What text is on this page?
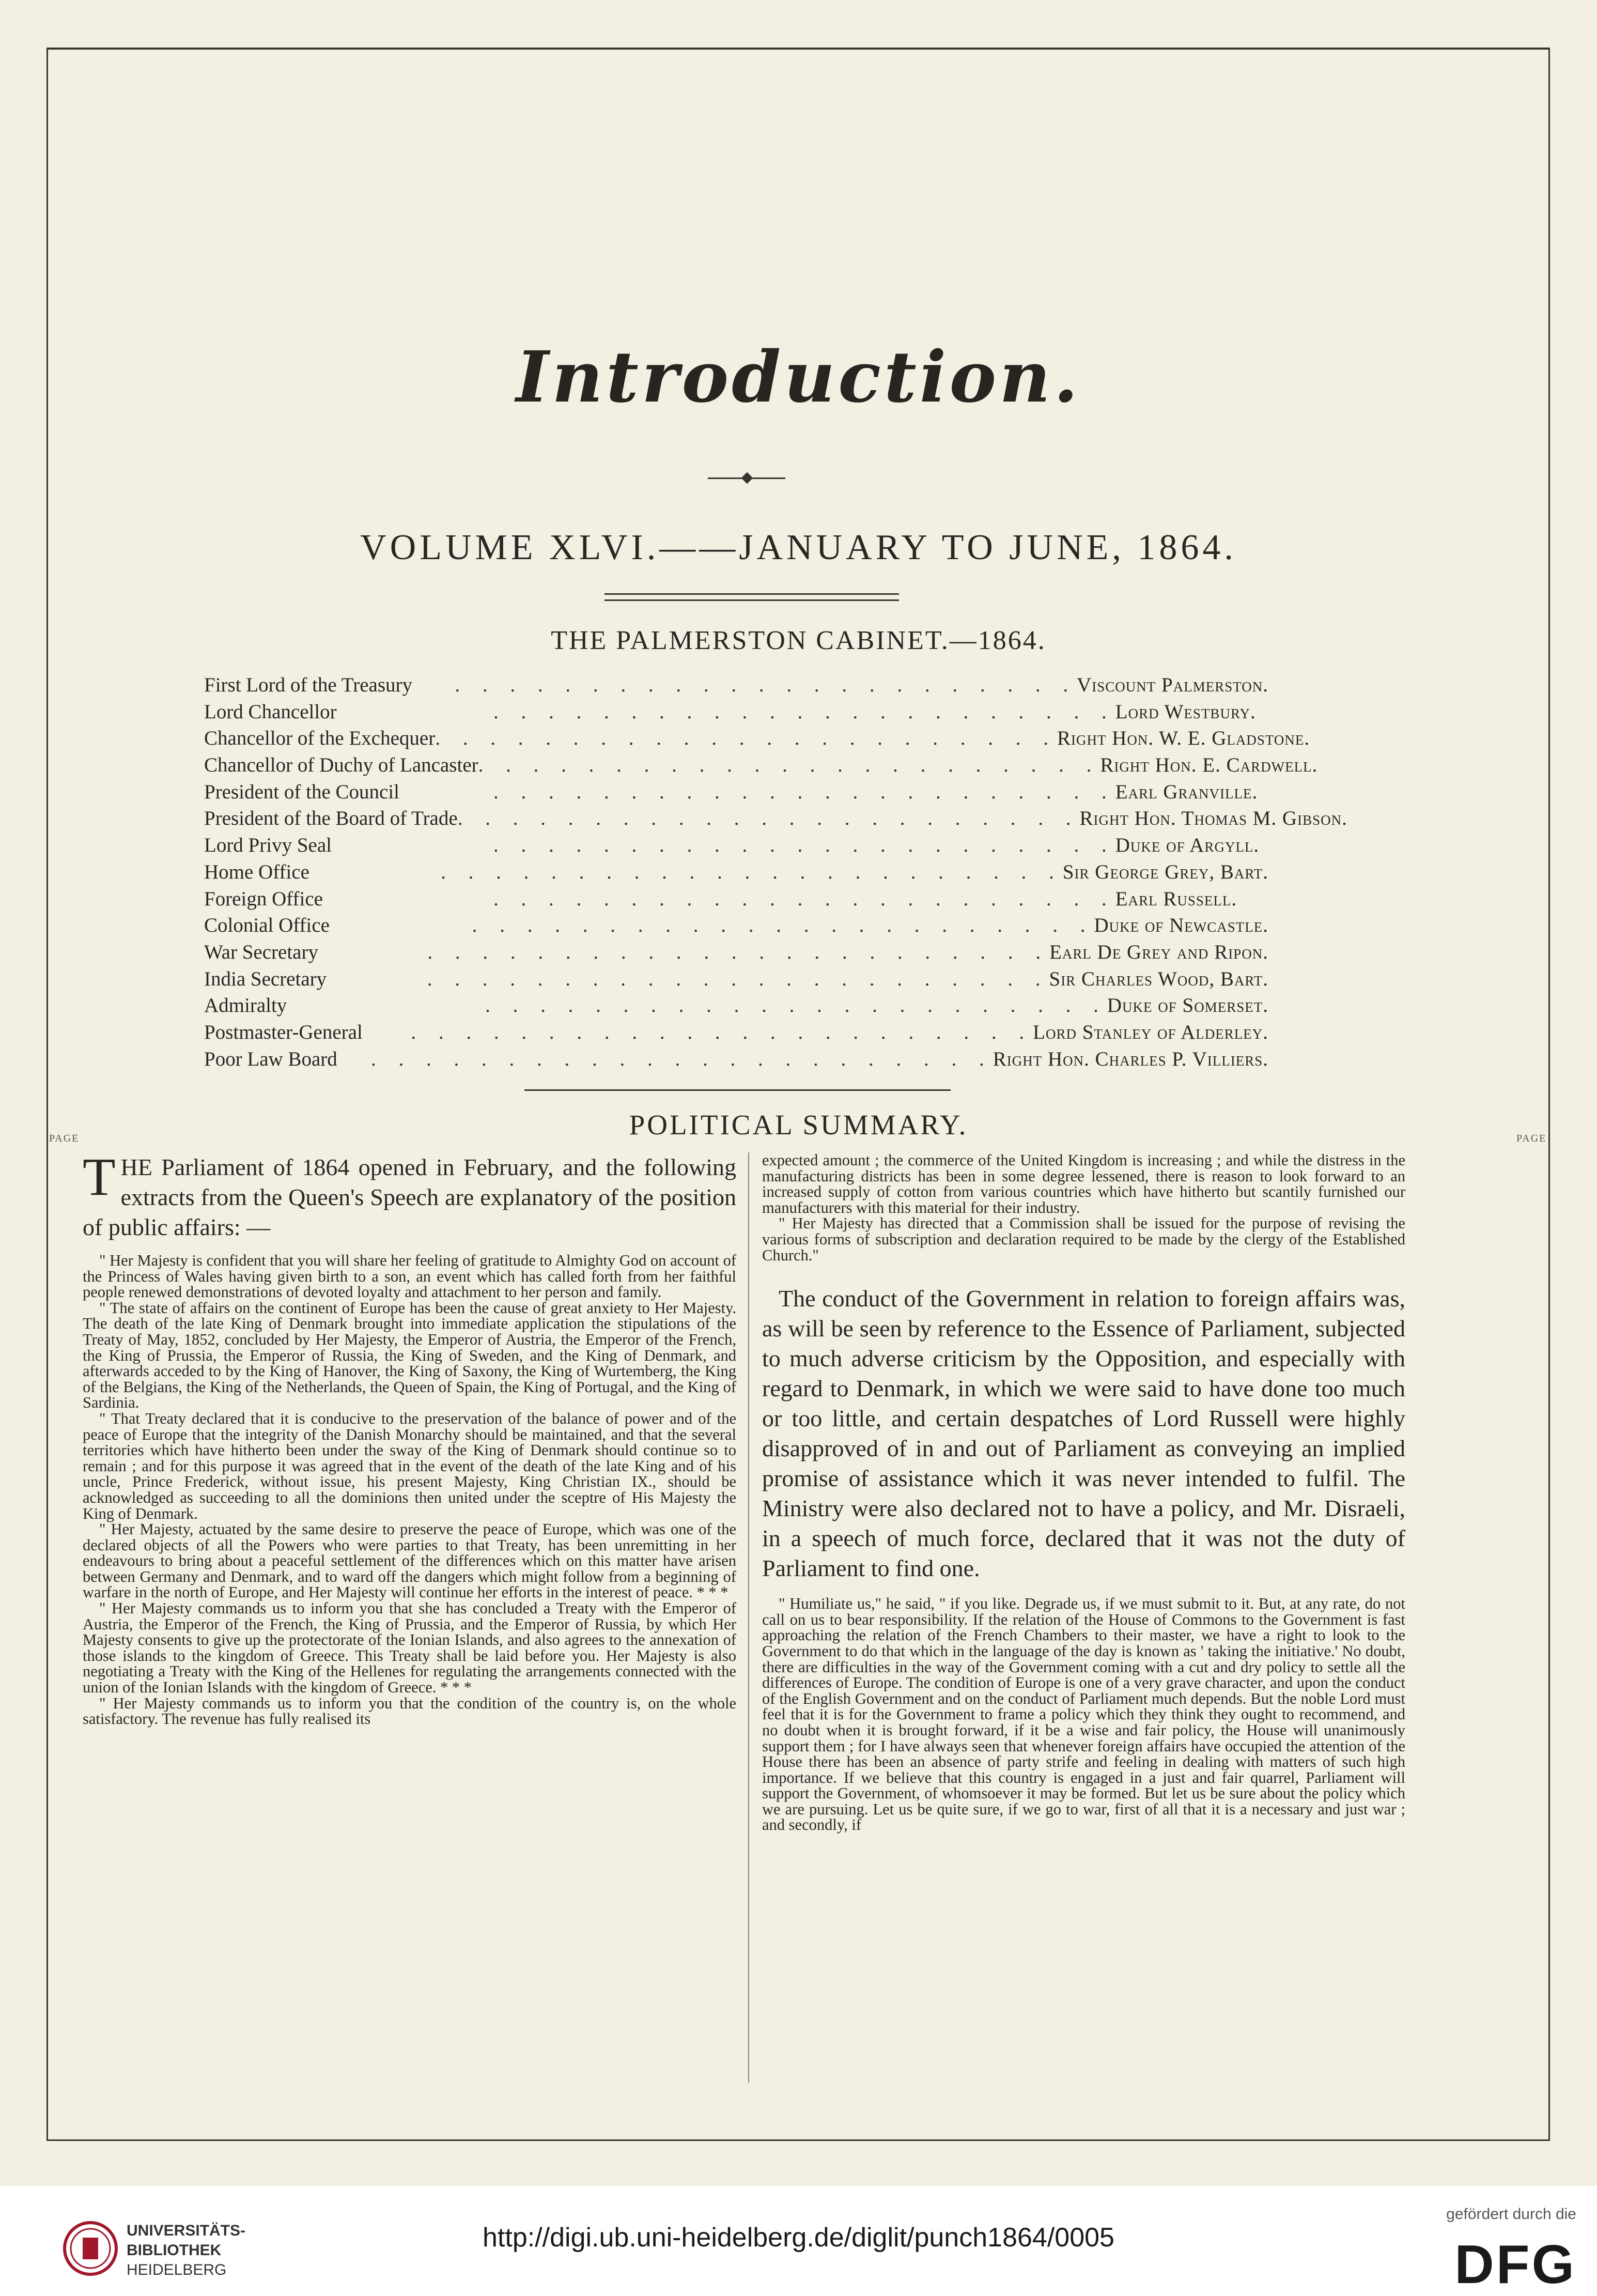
Introduction.
VOLUME XLVI.——JANUARY TO JUNE, 1864.
THE PALMERSTON CABINET.—1864.
First Lord of the Treasury	. . . . . . . . . . . . . . . . . . . . . . . Viscount Palmerston.
Lord Chancellor	. . . . . . . . . . . . . . . . . . . . . . . Lord Westbury.
Chancellor of the Exchequer . . . . . . . . . . . . . . . . . . . . . . . Right Hon. W. E. Gladstone.
Chancellor of Duchy of Lancaster . . . . . . . . . . . . . . . . . . . . . . . Right Hon. E. Cardwell.
President of the Council	. . . . . . . . . . . . . . . . . . . . . . . Earl Granville.
President of the Board of Trade . . . . . . . . . . . . . . . . . . . . . . . Right Hon. Thomas M. Gibson.
Lord Privy Seal	. . . . . . . . . . . . . . . . . . . . . . . Duke of Argyll.
Home Office	. . . . . . . . . . . . . . . . . . . . . . . Sir George Grey, Bart.
Foreign Office	. . . . . . . . . . . . . . . . . . . . . . . Earl Russell.
Colonial Office	. . . . . . . . . . . . . . . . . . . . . . . Duke of Newcastle.
War Secretary	. . . . . . . . . . . . . . . . . . . . . . . Earl De Grey and Ripon.
India Secretary	. . . . . . . . . . . . . . . . . . . . . . . Sir Charles Wood, Bart.
Admiralty	. . . . . . . . . . . . . . . . . . . . . . . Duke of Somerset.
Postmaster-General	. . . . . . . . . . . . . . . . . . . . . . . Lord Stanley of Alderley.
Poor Law Board	. . . . . . . . . . . . . . . . . . . . . . . Right Hon. Charles P. Villiers.
POLITICAL SUMMARY.
PAGE	PAGE

THE Parliament of 1864 opened in February, and the following extracts from the Queen's Speech are explanatory of the position of public affairs: —

" Her Majesty is confident that you will share her feeling of gratitude to Almighty God on account of the Princess of Wales having given birth to a son, an event which has called forth from her faithful people renewed demonstrations of devoted loyalty and attachment to her person and family.

" The state of affairs on the continent of Europe has been the cause of great anxiety to Her Majesty. The death of the late King of Denmark brought into immediate application the stipulations of the Treaty of May, 1852, concluded by Her Majesty, the Emperor of Austria, the Emperor of the French, the King of Prussia, the Emperor of Russia, the King of Sweden, and the King of Denmark, and afterwards acceded to by the King of Hanover, the King of Saxony, the King of Wurtemberg, the King of the Belgians, the King of the Netherlands, the Queen of Spain, the King of Portugal, and the King of Sardinia.

" That Treaty declared that it is conducive to the preservation of the balance of power and of the peace of Europe that the integrity of the Danish Monarchy should be maintained, and that the several territories which have hitherto been under the sway of the King of Denmark should continue so to remain ; and for this purpose it was agreed that in the event of the death of the late King and of his uncle, Prince Frederick, without issue, his present Majesty, King Christian IX., should be acknowledged as succeeding to all the dominions then united under the sceptre of His Majesty the King of Denmark.

" Her Majesty, actuated by the same desire to preserve the peace of Europe, which was one of the declared objects of all the Powers who were parties to that Treaty, has been unremitting in her endeavours to bring about a peaceful settlement of the differences which on this matter have arisen between Germany and Denmark, and to ward off the dangers which might follow from a beginning of warfare in the north of Europe, and Her Majesty will continue her efforts in the interest of peace. * * *

" Her Majesty commands us to inform you that she has concluded a Treaty with the Emperor of Austria, the Emperor of the French, the King of Prussia, and the Emperor of Russia, by which Her Majesty consents to give up the protectorate of the Ionian Islands, and also agrees to the annexation of those islands to the kingdom of Greece. This Treaty shall be laid before you. Her Majesty is also negotiating a Treaty with the King of the Hellenes for regulating the arrangements connected with the union of the Ionian Islands with the kingdom of Greece. * * *

" Her Majesty commands us to inform you that the condition of the country is, on the whole satisfactory. The revenue has fully realised its

expected amount ; the commerce of the United Kingdom is increasing ; and while the distress in the manufacturing districts has been in some degree lessened, there is reason to look forward to an increased supply of cotton from various countries which have hitherto but scantily furnished our manufacturers with this material for their industry.

" Her Majesty has directed that a Commission shall be issued for the purpose of revising the various forms of subscription and declaration required to be made by the clergy of the Established Church."

The conduct of the Government in relation to foreign affairs was, as will be seen by reference to the Essence of Parliament, subjected to much adverse criticism by the Opposition, and especially with regard to Denmark, in which we were said to have done too much or too little, and certain despatches of Lord Russell were highly disapproved of in and out of Parliament as conveying an implied promise of assistance which it was never intended to fulfil. The Ministry were also declared not to have a policy, and Mr. Disraeli, in a speech of much force, declared that it was not the duty of Parliament to find one.

" Humiliate us," he said, " if you like. Degrade us, if we must submit to it. But, at any rate, do not call on us to bear responsibility. If the relation of the House of Commons to the Government is fast approaching the relation of the French Chambers to their master, we have a right to look to the Government to do that which in the language of the day is known as ' taking the initiative.' No doubt, there are difficulties in the way of the Government coming with a cut and dry policy to settle all the differences of Europe. The condition of Europe is one of a very grave character, and upon the conduct of the English Government and on the conduct of Parliament much depends. But the noble Lord must feel that it is for the Government to frame a policy which they think they ought to recommend, and no doubt when it is brought forward, if it be a wise and fair policy, the House will unanimously support them ; for I have always seen that whenever foreign affairs have occupied the attention of the House there has been an absence of party strife and feeling in dealing with matters of such high importance. If we believe that this country is engaged in a just and fair quarrel, Parliament will support the Government, of whomsoever it may be formed. But let us be sure about the policy which we are pursuing. Let us be quite sure, if we go to war, first of all that it is a necessary and just war ; and secondly, if

UNIVERSITÄTS-
BIBLIOTHEK
HEIDELBERG
http://digi.ub.uni-heidelberg.de/diglit/punch1864/0005
gefördert durch die
DFG
